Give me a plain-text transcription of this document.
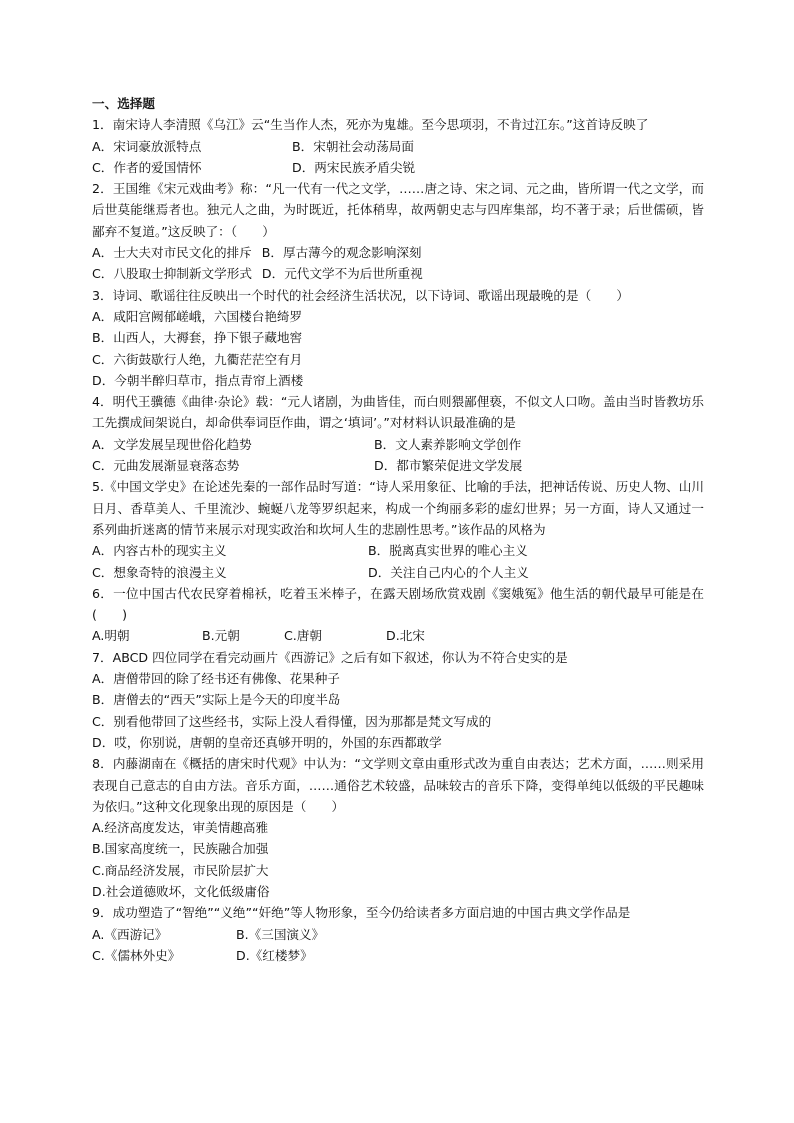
一、选择题

1．南宋诗人李清照《乌江》云“生当作人杰，死亦为鬼雄。至今思项羽，不肯过江东。”这首诗反映了

A．宋词豪放派特点	B．宋朝社会动荡局面
C．作者的爱国情怀	D．两宋民族矛盾尖锐

2．王国维《宋元戏曲考》称：“凡一代有一代之文学，……唐之诗、宋之词、元之曲，皆所谓一代之文学，而后世莫能继焉者也。独元人之曲，为时既近，托体稍卑，故两朝史志与四库集部，均不著于录；后世儒硕，皆鄙弃不复道。”这反映了：（　　）

A．士大夫对市民文化的排斥 B．厚古薄今的观念影响深刻
C．八股取士抑制新文学形式 D．元代文学不为后世所重视

3．诗词、歌谣往往反映出一个时代的社会经济生活状况，以下诗词、歌谣出现最晚的是（　　）

A．咸阳宫阙郁嵯峨，六国楼台艳绮罗
B．山西人，大褥套，挣下银子藏地窖
C．六街鼓歇行人绝，九衢茫茫空有月
D．今朝半醉归草市，指点青帘上酒楼

4．明代王骥德《曲律·杂论》载：“元人诸剧，为曲皆佳，而白则猥鄙俚亵，不似文人口吻。盖由当时皆教坊乐工先撰成间架说白，却命供奉词臣作曲，谓之‘填词’。”对材料认识最准确的是

A．文学发展呈现世俗化趋势	B．文人素养影响文学创作
C．元曲发展渐显衰落态势	D．都市繁荣促进文学发展

5.《中国文学史》在论述先秦的一部作品时写道：“诗人采用象征、比喻的手法，把神话传说、历史人物、山川日月、香草美人、千里流沙、蜿蜒八龙等罗织起来，构成一个绚丽多彩的虚幻世界；另一方面，诗人又通过一系列曲折迷离的情节来展示对现实政治和坎坷人生的悲剧性思考。”该作品的风格为

A．内容古朴的现实主义	B．脱离真实世界的唯心主义
C．想象奇特的浪漫主义	D．关注自己内心的个人主义

6．一位中国古代农民穿着棉袄，吃着玉米棒子，在露天剧场欣赏戏剧《窦娥冤》他生活的朝代最早可能是在(　　)

A.明朝	B.元朝	C.唐朝	D.北宋

7．ABCD 四位同学在看完动画片《西游记》之后有如下叙述，你认为不符合史实的是

A．唐僧带回的除了经书还有佛像、花果种子
B．唐僧去的“西天”实际上是今天的印度半岛
C．别看他带回了这些经书，实际上没人看得懂，因为那都是梵文写成的
D．哎，你别说，唐朝的皇帝还真够开明的，外国的东西都敢学

8．内藤湖南在《概括的唐宋时代观》中认为：“文学则文章由重形式改为重自由表达；艺术方面，……则采用表现自己意志的自由方法。音乐方面，……通俗艺术较盛，品味较古的音乐下降，变得单纯以低级的平民趣味为依归。”这种文化现象出现的原因是（　　）

A.经济高度发达，审美情趣高雅
B.国家高度统一，民族融合加强
C.商品经济发展，市民阶层扩大
D.社会道德败坏，文化低级庸俗

9．成功塑造了“智绝”“义绝”“奸绝”等人物形象，至今仍给读者多方面启迪的中国古典文学作品是

A.《西游记》	B.《三国演义》
C.《儒林外史》	D.《红楼梦》
